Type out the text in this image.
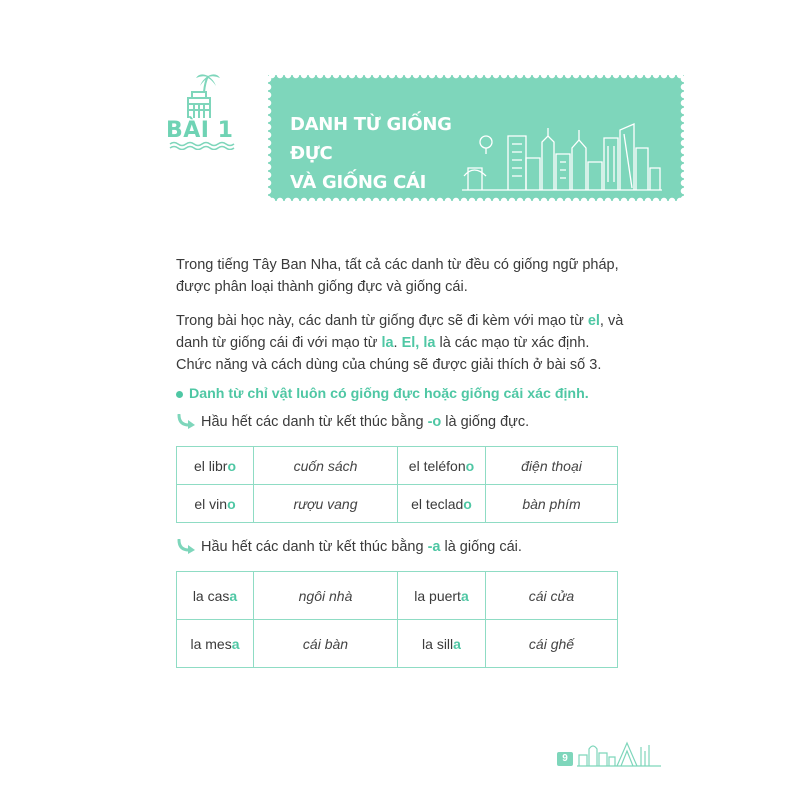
BÀI 1	DANH TỪ GIỐNG ĐỰC
VÀ GIỐNG CÁI
Trong tiếng Tây Ban Nha, tất cả các danh từ đều có giống ngữ pháp, được phân loại thành giống đực và giống cái.
Trong bài học này, các danh từ giống đực sẽ đi kèm với mạo từ el, và danh từ giống cái đi với mạo từ la. El, la là các mạo từ xác định. Chức năng và cách dùng của chúng sẽ được giải thích ở bài số 3.
Danh từ chỉ vật luôn có giống đực hoặc giống cái xác định.
Hầu hết các danh từ kết thúc bằng -o là giống đực.
el libro	cuốn sách	el teléfono	điện thoại
el vino	rượu vang	el teclado	bàn phím
Hầu hết các danh từ kết thúc bằng -a là giống cái.
la casa	ngôi nhà	la puerta	cái cửa
la mesa	cái bàn	la silla	cái ghế
9
